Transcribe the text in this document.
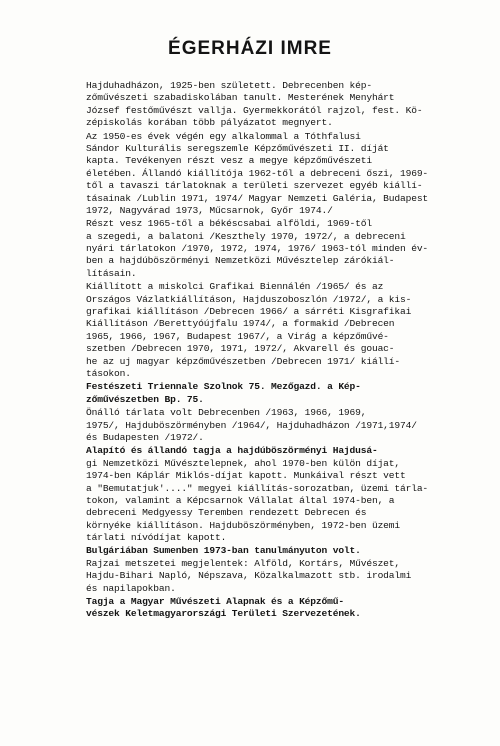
ÉGERHÁZI IMRE
Hajduhadházon, 1925-ben született. Debrecenben kép-
zőművészeti szabadiskolában tanult. Mesterének Menyhárt
József festőművészt vallja. Gyermekkorától rajzol, fest. Kö-
zépiskolás korában több pályázatot megnyert.
Az 1950-es évek végén egy alkalommal a Tóthfalusi
Sándor Kulturális seregszemle Képzőművészeti II. díját
kapta. Tevékenyen részt vesz a megye képzőművészeti
életében. Állandó kiállítója 1962-től a debreceni őszi, 1969-
től a tavaszi tárlatoknak a területi szervezet egyéb kiállí-
tásainak /Lublin 1971, 1974/ Magyar Nemzeti Galéria, Budapest
1972, Nagyvárad 1973, Műcsarnok, Győr 1974./
Részt vesz 1965-től a békéscsabai alföldi, 1969-től
a szegedi, a balatoni /Keszthely 1970, 1972/, a debreceni
nyári tárlatokon /1970, 1972, 1974, 1976/ 1963-tól minden év-
ben a hajdúböszörményi Nemzetközi Művésztelep zárókiál-
lításain.
Kiállított a miskolci Grafikai Biennálén /1965/ és az
Országos Vázlatkiállításon, Hajduszoboszlón /1972/, a kis-
grafikai kiállításon /Debrecen 1966/ a sárréti Kisgrafikai
Kiállításon /Berettyóújfalu 1974/, a formakid /Debrecen
1965, 1966, 1967, Budapest 1967/, a Virág a képzőművé-
szetben /Debrecen 1970, 1971, 1972/, Akvarell és gouac-
he az uj magyar képzőművészetben /Debrecen 1971/ kiállí-
tásokon.
Festészeti Triennale Szolnok 75. Mezőgazd. a Kép-
zőművészetben Bp. 75.
Önálló tárlata volt Debrecenben /1963, 1966, 1969,
1975/, Hajduböszörményben /1964/, Hajduhadházon /1971,1974/
és Budapesten /1972/.
Alapító és állandó tagja a hajdúböszörményi Hajdusá-
gi Nemzetközi Művésztelepnek, ahol 1970-ben külön díjat,
1974-ben Káplár Miklós-díjat kapott. Munkáival részt vett
a "Bemutatjuk'...." megyei kiállítás-sorozatban, üzemi tárla-
tokon, valamint a Képcsarnok Vállalat által 1974-ben, a
debreceni Medgyessy Teremben rendezett Debrecen és
környéke kiállításon. Hajduböszörményben, 1972-ben üzemi
tárlati nívódíjat kapott.
Bulgáriában Sumenben 1973-ban tanulmányuton volt.
Rajzai metszetei megjelentek: Alföld, Kortárs, Művészet,
Hajdu-Bihari Napló, Népszava, Közalkalmazott stb. irodalmi
és napilapokban.
Tagja a Magyar Művészeti Alapnak és a Képzőmű-
vészek Keletmagyarországi Területi Szervezetének.
